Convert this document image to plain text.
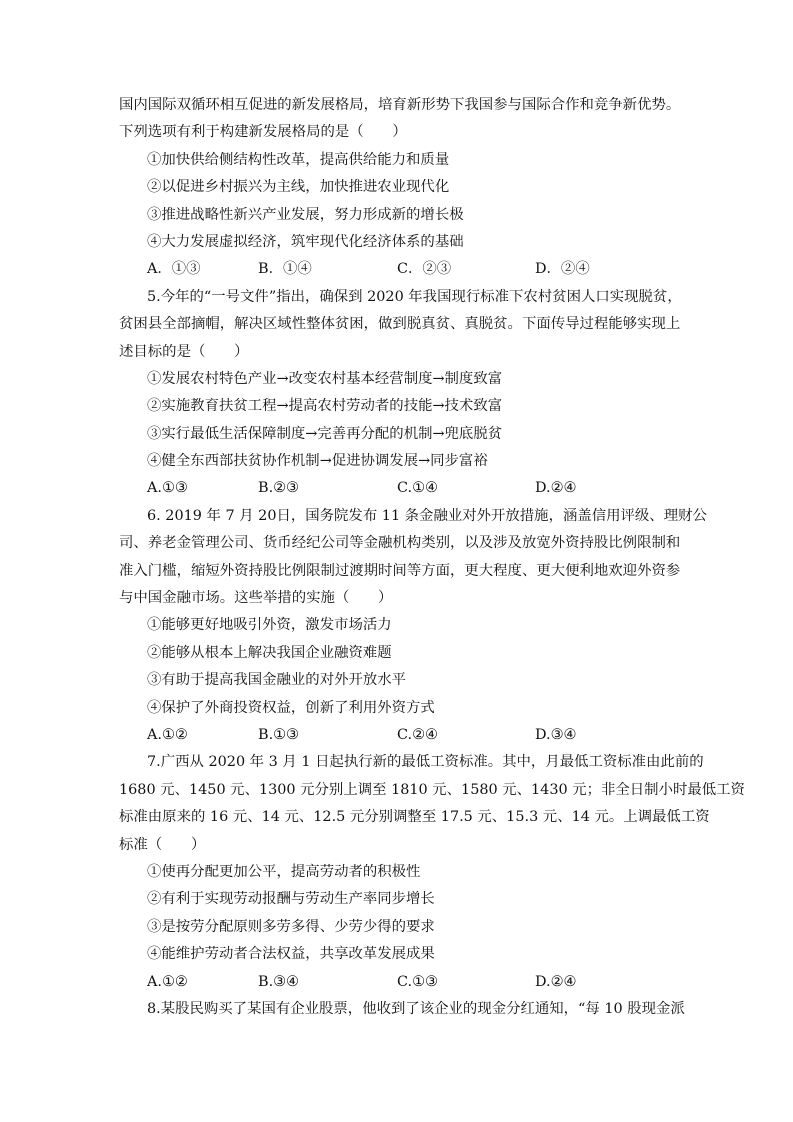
国内国际双循环相互促进的新发展格局，培育新形势下我国参与国际合作和竞争新优势。
下列选项有利于构建新发展格局的是（　　）
①加快供给侧结构性改革，提高供给能力和质量
②以促进乡村振兴为主线，加快推进农业现代化
③推进战略性新兴产业发展，努力形成新的增长极
④大力发展虚拟经济，筑牢现代化经济体系的基础
A．①③	B．①④	C．②③	D．②④
5.今年的“一号文件”指出，确保到 2020 年我国现行标准下农村贫困人口实现脱贫，
贫困县全部摘帽，解决区域性整体贫困，做到脱真贫、真脱贫。下面传导过程能够实现上
述目标的是（　　）
①发展农村特色产业→改变农村基本经营制度→制度致富
②实施教育扶贫工程→提高农村劳动者的技能→技术致富
③实行最低生活保障制度→完善再分配的机制→兜底脱贫
④健全东西部扶贫协作机制→促进协调发展→同步富裕
A.①③	B.②③	C.①④	D.②④
6. 2019 年 7 月 20日，国务院发布 11 条金融业对外开放措施，涵盖信用评级、理财公
司、养老金管理公司、货币经纪公司等金融机构类别，以及涉及放宽外资持股比例限制和
准入门槛，缩短外资持股比例限制过渡期时间等方面，更大程度、更大便利地欢迎外资参
与中国金融市场。这些举措的实施（　　）
①能够更好地吸引外资，激发市场活力
②能够从根本上解决我国企业融资难题
③有助于提高我国金融业的对外开放水平
④保护了外商投资权益，创新了利用外资方式
A.①②	B.①③	C.②④	D.③④
7.广西从 2020 年 3 月 1 日起执行新的最低工资标准。其中，月最低工资标准由此前的
1680 元、1450 元、1300 元分别上调至 1810 元、1580 元、1430 元；非全日制小时最低工资
标准由原来的 16 元、14 元、12.5 元分别调整至 17.5 元、15.3 元、14 元。上调最低工资
标准（　　）
①使再分配更加公平，提高劳动者的积极性
②有利于实现劳动报酬与劳动生产率同步增长
③是按劳分配原则多劳多得、少劳少得的要求
④能维护劳动者合法权益，共享改革发展成果
A.①②	B.③④	C.①③	D.②④
8.某股民购买了某国有企业股票，他收到了该企业的现金分红通知，“每 10 股现金派
